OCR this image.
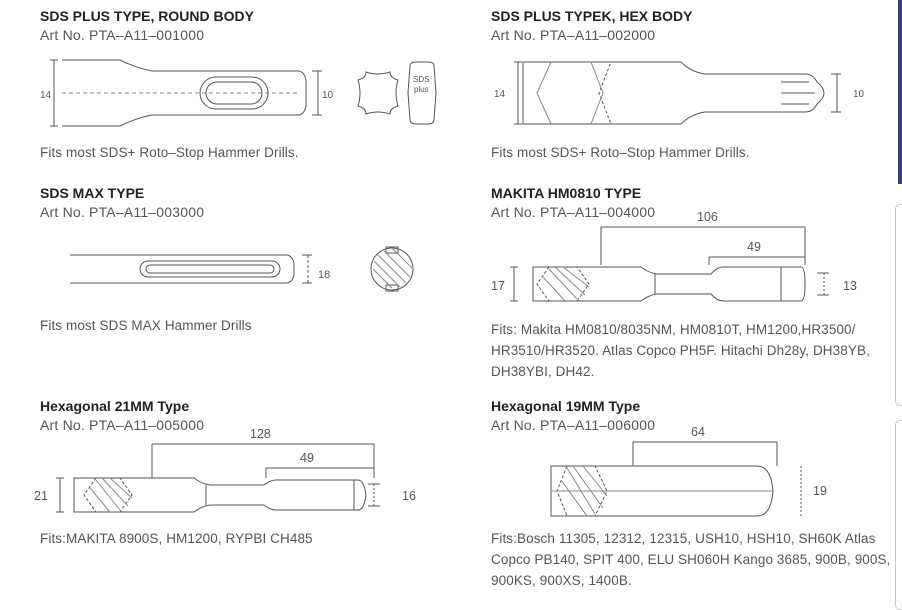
SDS PLUS TYPE, ROUND BODY
Art No. PTA–A11–001000
14	10
SDS
plus
Fits most SDS+ Roto–Stop Hammer Drills.
SDS PLUS TYPEK, HEX BODY
Art No. PTA–A11–002000
14	10
Fits most SDS+ Roto–Stop Hammer Drills.
SDS MAX TYPE
Art No. PTA–A11–003000
18
Fits most SDS MAX Hammer Drills
MAKITA HM0810 TYPE
Art No. PTA–A11–004000	106
49
17	13
Fits: Makita HM0810/8035NM, HM0810T, HM1200,HR3500/
HR3510/HR3520. Atlas Copco PH5F. Hitachi Dh28y, DH38YB,
DH38YBI, DH42.
Hexagonal 21MM Type
Art No. PTA–A11–005000
128
49
21	16
Fits:MAKITA 8900S, HM1200, RYPBI CH485
Hexagonal 19MM Type
Art No. PTA–A11–006000	64
19
Fits:Bosch 11305, 12312, 12315, USH10, HSH10, SH60K Atlas
Copco PB140, SPIT 400, ELU SH060H Kango 3685, 900B, 900S,
900KS, 900XS, 1400B.
